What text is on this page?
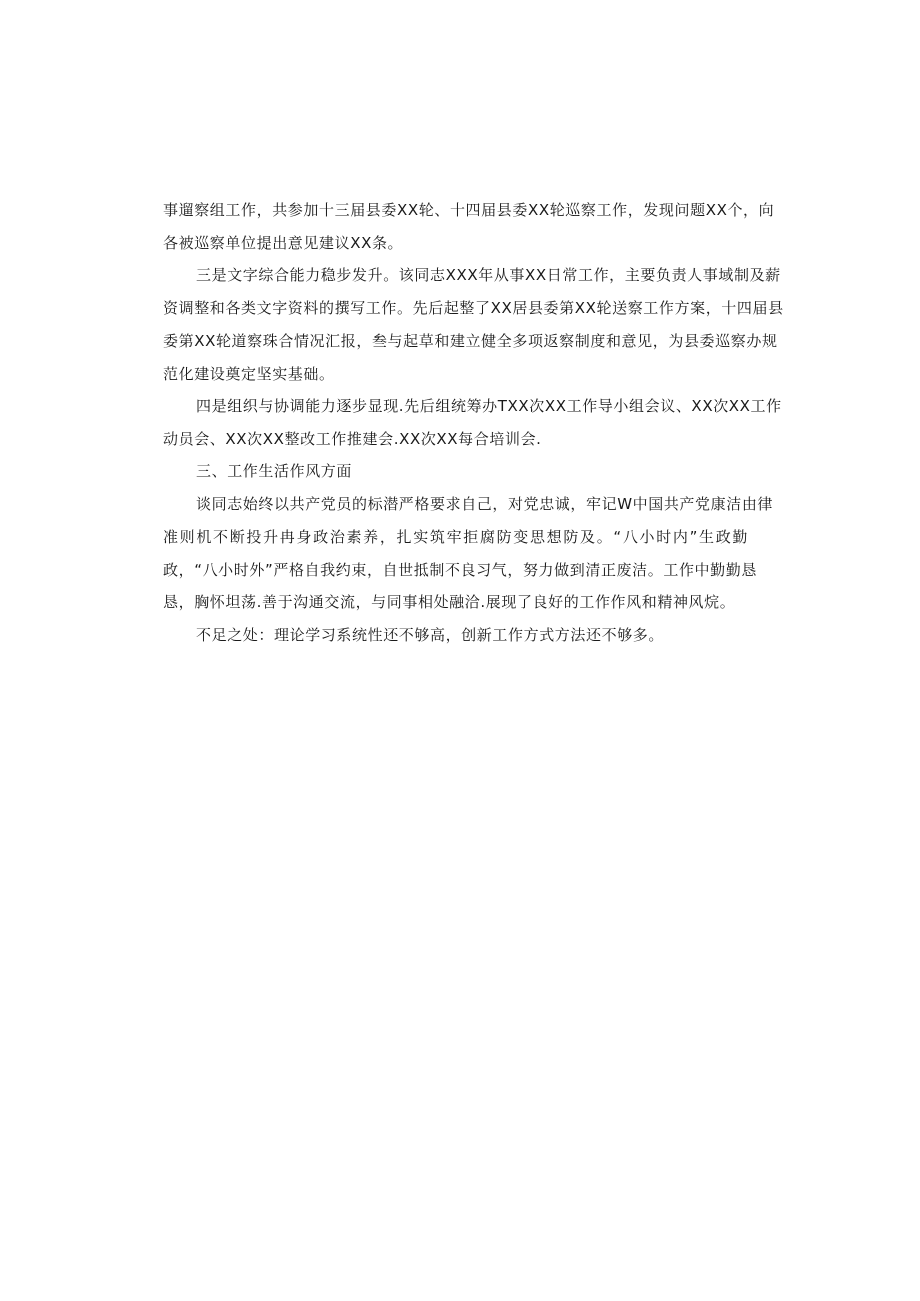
事遛察组工作，共参加十三届县委XX轮、十四届县委XX轮巡察工作，发现问题XX个，向
各被巡察单位提出意见建议XX条。
三是文字综合能力稳步发升。该同志XXX年从事XX日常工作，主要负责人事域制及薪
资调整和各类文字资料的撰写工作。先后起整了XX居县委第XX轮送察工作方案，十四届县
委第XX轮道察珠合情况汇报，叁与起草和建立健全多项返察制度和意见，为县委巡察办规
范化建设奠定坚实基础。
四是组织与协调能力逐步显现.先后组统筹办TXX次XX工作导小组会议、XX次XX工作
动员会、XX次XX整改工作推建会.XX次XX每合培训会.
三、工作生活作风方面
谈同志始终以共产党员的标潜严格要求自己，对党忠诚，牢记W中国共产党康洁由律
准则机不断投升冉身政治素养，扎实筑牢拒腐防变思想防及。“八小时内”生政勤
政，“八小时外”严格自我约束，自世抵制不良习气，努力做到清正废洁。工作中勤勤恳
恳，胸怀坦荡.善于沟通交流，与同事相处融洽.展现了良好的工作作风和精神风烷。
不足之处：理论学习系统性还不够高，创新工作方式方法还不够多。
